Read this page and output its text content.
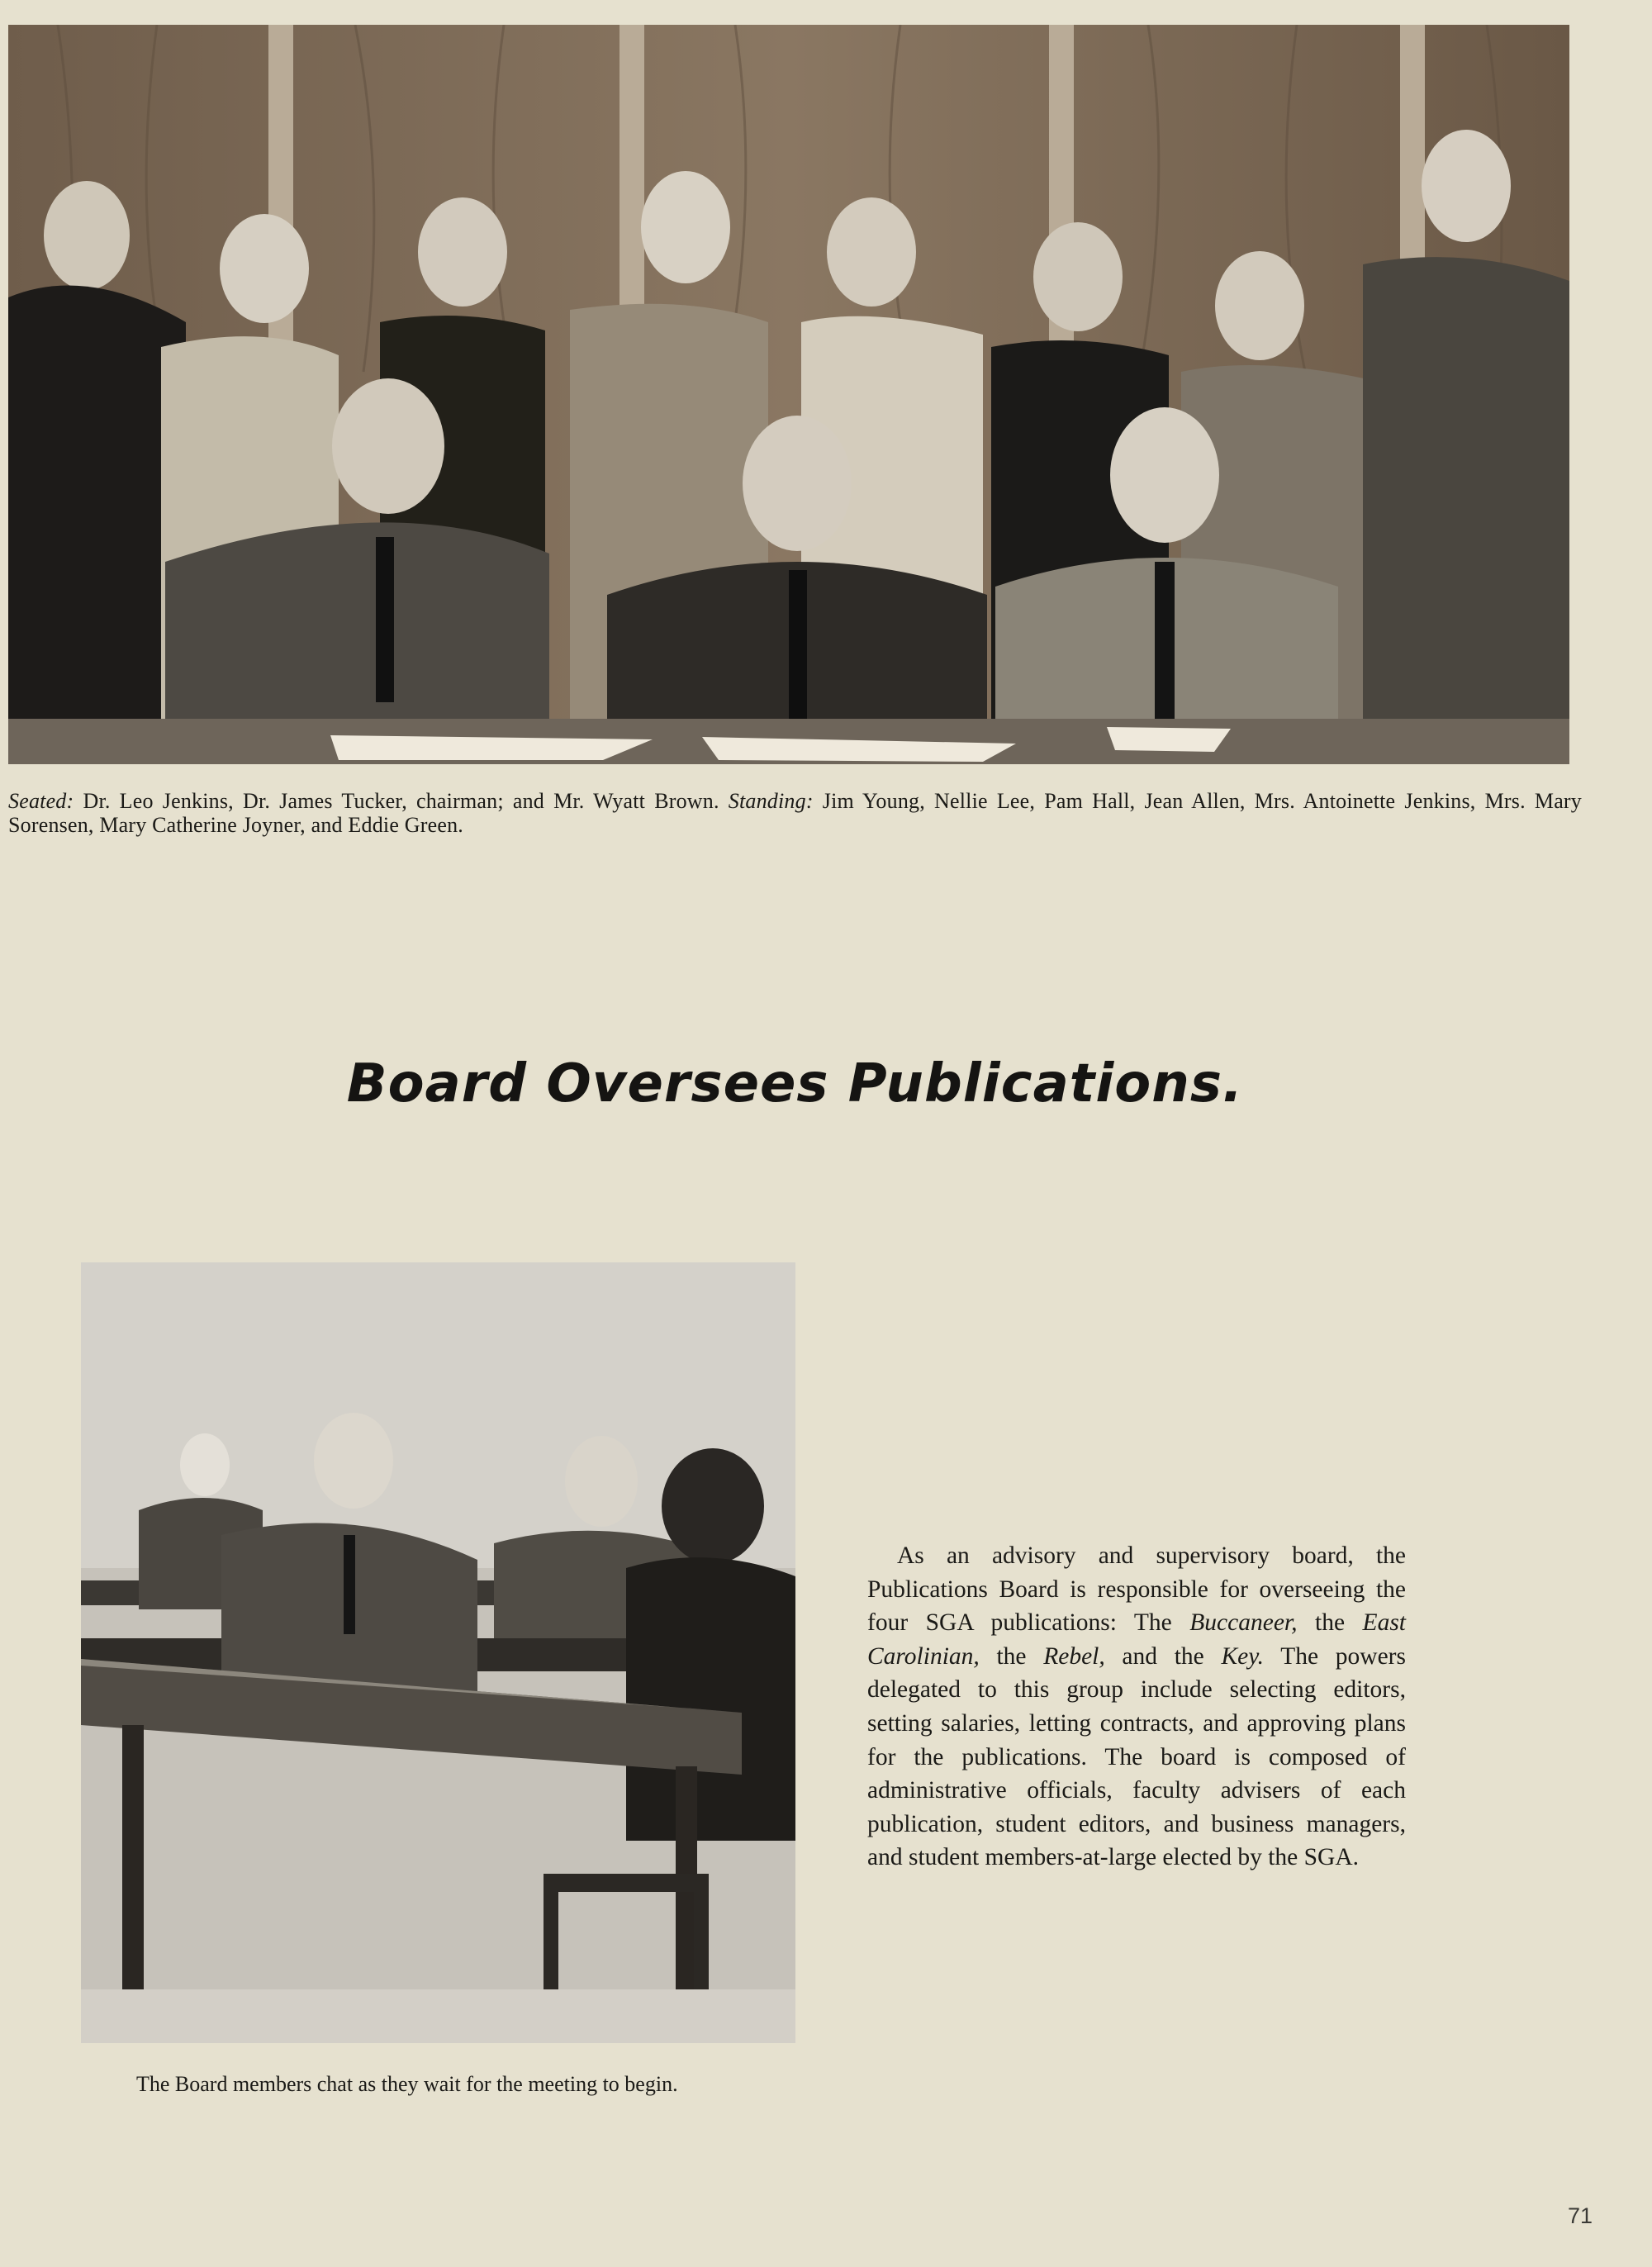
Seated: Dr. Leo Jenkins, Dr. James Tucker, chairman; and Mr. Wyatt Brown. Standing: Jim Young, Nellie Lee, Pam Hall, Jean Allen, Mrs. Antoinette Jenkins, Mrs. Mary Sorensen, Mary Catherine Joyner, and Eddie Green.
Board Oversees Publications.
The Board members chat as they wait for the meeting to begin.
As an advisory and supervisory board, the Publications Board is responsible for overseeing the four SGA publications: The Buccaneer, the East Carolinian, the Rebel, and the Key. The powers delegated to this group include selecting editors, setting salaries, letting contracts, and approving plans for the publications. The board is composed of administrative officials, faculty advisers of each publication, student editors, and business managers, and student members-at-large elected by the SGA.
71
